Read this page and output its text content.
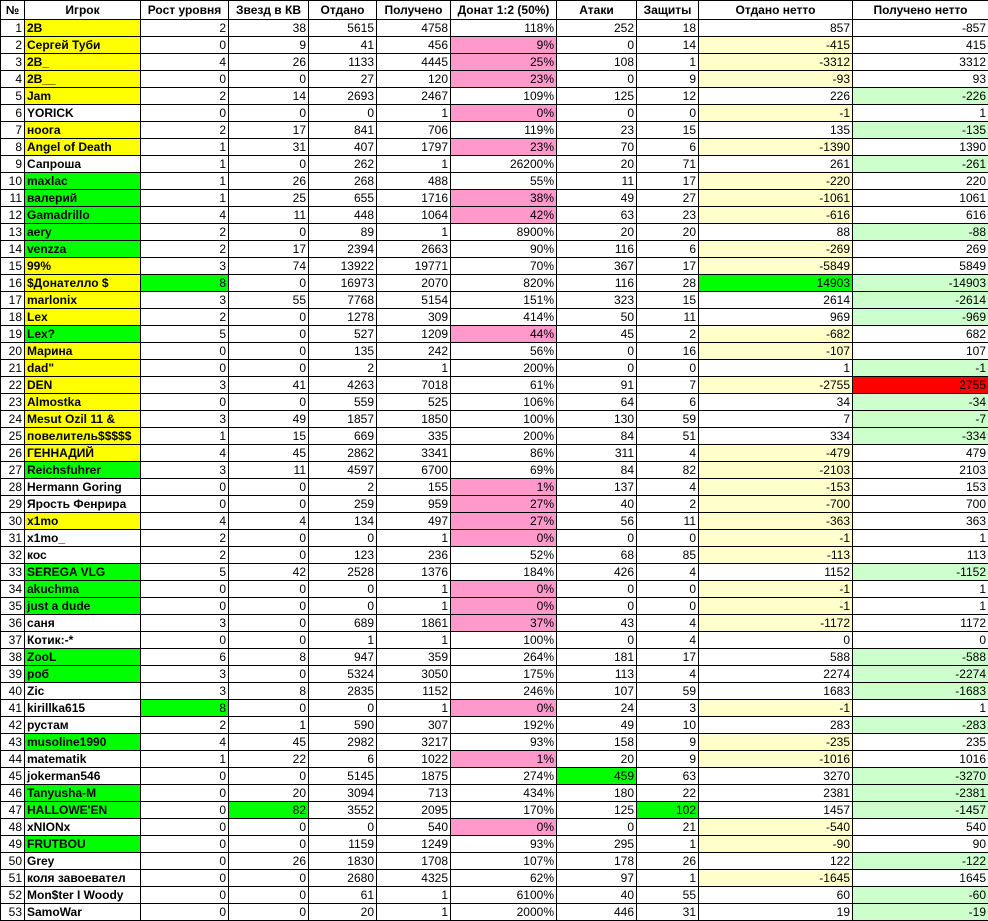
№	Игрок	Рост уровня	Звезд в КВ	Отдано	Получено	Донат 1:2 (50%)	Атаки	Защиты	Отдано нетто	Получено нетто
1	2B	2	38	5615	4758	118%	252	18	857	-857
2	Сергей Туби	0	9	41	456	9%	0	14	-415	415
3	2B_	4	26	1133	4445	25%	108	1	-3312	3312
4	2B__	0	0	27	120	23%	0	9	-93	93
5	Jam	2	14	2693	2467	109%	125	12	226	-226
6	YORICK	0	0	0	1	0%	0	0	-1	1
7	ноога	2	17	841	706	119%	23	15	135	-135
8	Angel of Death	1	31	407	1797	23%	70	6	-1390	1390
9	Сапроша	1	0	262	1	26200%	20	71	261	-261
10	maxlac	1	26	268	488	55%	11	17	-220	220
11	валерий	1	25	655	1716	38%	49	27	-1061	1061
12	Gamadrillo	4	11	448	1064	42%	63	23	-616	616
13	aery	2	0	89	1	8900%	20	20	88	-88
14	venzza	2	17	2394	2663	90%	116	6	-269	269
15	99%	3	74	13922	19771	70%	367	17	-5849	5849
16	$Донателло $	8	0	16973	2070	820%	116	28	14903	-14903
17	marlonix	3	55	7768	5154	151%	323	15	2614	-2614
18	Lex	2	0	1278	309	414%	50	11	969	-969
19	Lex?	5	0	527	1209	44%	45	2	-682	682
20	Марина	0	0	135	242	56%	0	16	-107	107
21	dad"	0	0	2	1	200%	0	0	1	-1
22	DEN	3	41	4263	7018	61%	91	7	-2755	2755
23	Almostka	0	0	559	525	106%	64	6	34	-34
24	Mesut Ozil 11 &	3	49	1857	1850	100%	130	59	7	-7
25	повелитель$$$$$	1	15	669	335	200%	84	51	334	-334
26	ГЕННАДИЙ	4	45	2862	3341	86%	311	4	-479	479
27	Reichsfuhrer	3	11	4597	6700	69%	84	82	-2103	2103
28	Hermann Goring	0	0	2	155	1%	137	4	-153	153
29	Ярость Фенрира	0	0	259	959	27%	40	2	-700	700
30	x1mo	4	4	134	497	27%	56	11	-363	363
31	x1mo_	2	0	0	1	0%	0	0	-1	1
32	кос	2	0	123	236	52%	68	85	-113	113
33	SEREGA VLG	5	42	2528	1376	184%	426	4	1152	-1152
34	akuchma	0	0	0	1	0%	0	0	-1	1
35	just a dude	0	0	0	1	0%	0	0	-1	1
36	саня	3	0	689	1861	37%	43	4	-1172	1172
37	Котик:-*	0	0	1	1	100%	0	4	0	0
38	ZooL	6	8	947	359	264%	181	17	588	-588
39	роб	3	0	5324	3050	175%	113	4	2274	-2274
40	Zic	3	8	2835	1152	246%	107	59	1683	-1683
41	kirillka615	8	0	0	1	0%	24	3	-1	1
42	рустам	2	1	590	307	192%	49	10	283	-283
43	musoline1990	4	45	2982	3217	93%	158	9	-235	235
44	matematik	1	22	6	1022	1%	20	9	-1016	1016
45	jokerman546	0	0	5145	1875	274%	459	63	3270	-3270
46	Tanyusha-M	0	20	3094	713	434%	180	22	2381	-2381
47	HALLOWE'EN	0	82	3552	2095	170%	125	102	1457	-1457
48	xNIONx	0	0	0	540	0%	0	21	-540	540
49	FRUTBOU	0	0	1159	1249	93%	295	1	-90	90
50	Grey	0	26	1830	1708	107%	178	26	122	-122
51	коля завоевател	0	0	2680	4325	62%	97	1	-1645	1645
52	Mon$ter I Woody	0	0	61	1	6100%	40	55	60	-60
53	SamoWar	0	0	20	1	2000%	446	31	19	-19
